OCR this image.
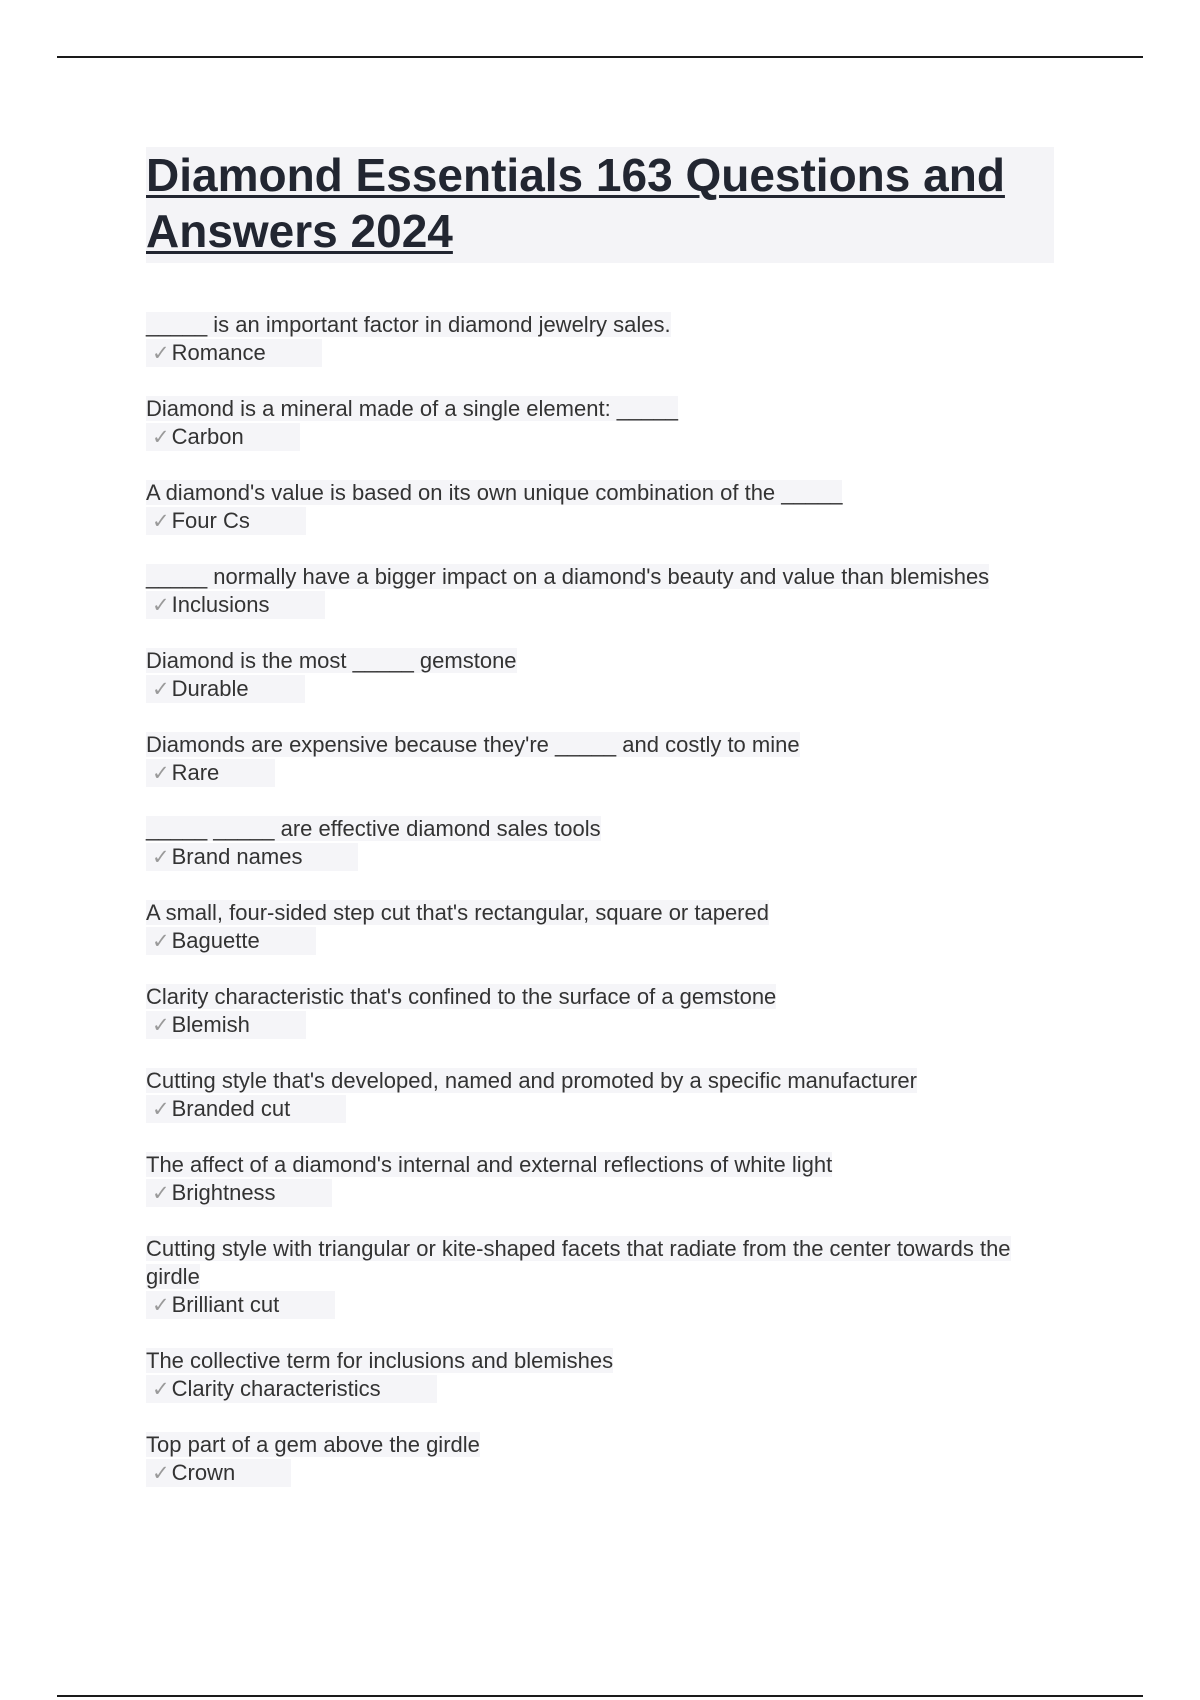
Diamond Essentials 163 Questions and Answers 2024
_____ is an important factor in diamond jewelry sales.
✓Romance
Diamond is a mineral made of a single element: _____
✓Carbon
A diamond's value is based on its own unique combination of the _____
✓Four Cs
_____ normally have a bigger impact on a diamond's beauty and value than blemishes
✓Inclusions
Diamond is the most _____ gemstone
✓Durable
Diamonds are expensive because they're _____ and costly to mine
✓Rare
_____ _____ are effective diamond sales tools
✓Brand names
A small, four-sided step cut that's rectangular, square or tapered
✓Baguette
Clarity characteristic that's confined to the surface of a gemstone
✓Blemish
Cutting style that's developed, named and promoted by a specific manufacturer
✓Branded cut
The affect of a diamond's internal and external reflections of white light
✓Brightness
Cutting style with triangular or kite-shaped facets that radiate from the center towards the girdle
✓Brilliant cut
The collective term for inclusions and blemishes
✓Clarity characteristics
Top part of a gem above the girdle
✓Crown
